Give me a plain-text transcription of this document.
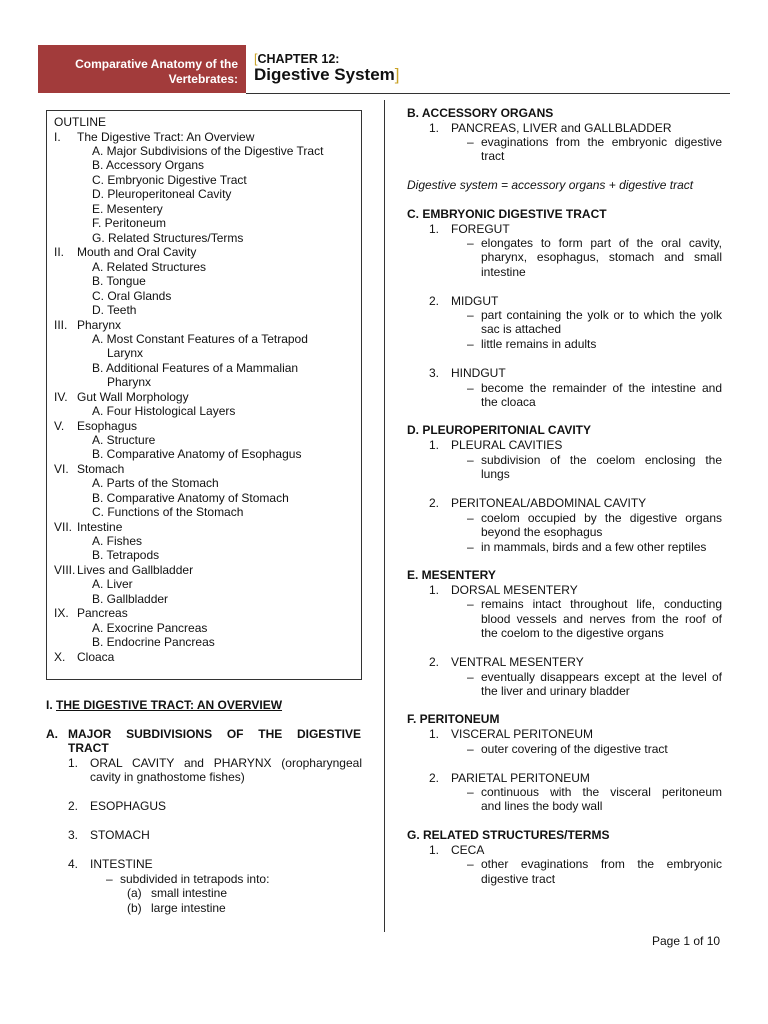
Comparative Anatomy of the
Vertebrates:
[CHAPTER 12:
Digestive System]
OUTLINE
I. The Digestive Tract: An Overview
A. Major Subdivisions of the Digestive Tract
B. Accessory Organs
C. Embryonic Digestive Tract
D. Pleuroperitoneal Cavity
E. Mesentery
F. Peritoneum
G. Related Structures/Terms
II. Mouth and Oral Cavity
A. Related Structures
B. Tongue
C. Oral Glands
D. Teeth
III. Pharynx
A. Most Constant Features of a Tetrapod
Larynx
B. Additional Features of a Mammalian
Pharynx
IV. Gut Wall Morphology
A. Four Histological Layers
V. Esophagus
A. Structure
B. Comparative Anatomy of Esophagus
VI. Stomach
A. Parts of the Stomach
B. Comparative Anatomy of Stomach
C. Functions of the Stomach
VII. Intestine
A. Fishes
B. Tetrapods
VIII. Lives and Gallbladder
A. Liver
B. Gallbladder
IX. Pancreas
A. Exocrine Pancreas
B. Endocrine Pancreas
X. Cloaca
I. THE DIGESTIVE TRACT: AN OVERVIEW
A. MAJOR SUBDIVISIONS OF THE DIGESTIVE
TRACT
1. ORAL CAVITY and PHARYNX (oropharyngeal
cavity in gnathostome fishes)
2. ESOPHAGUS
3. STOMACH
4. INTESTINE
– subdivided in tetrapods into:
(a) small intestine
(b) large intestine
B. ACCESSORY ORGANS
1. PANCREAS, LIVER and GALLBLADDER
– evaginations from the embryonic digestive
tract
Digestive system = accessory organs + digestive tract
C. EMBRYONIC DIGESTIVE TRACT
1. FOREGUT
– elongates to form part of the oral cavity,
pharynx, esophagus, stomach and small
intestine
2. MIDGUT
– part containing the yolk or to which the yolk
sac is attached
– little remains in adults
3. HINDGUT
– become the remainder of the intestine and
the cloaca
D. PLEUROPERITONIAL CAVITY
1. PLEURAL CAVITIES
– subdivision of the coelom enclosing the
lungs
2. PERITONEAL/ABDOMINAL CAVITY
– coelom occupied by the digestive organs
beyond the esophagus
– in mammals, birds and a few other reptiles
E. MESENTERY
1. DORSAL MESENTERY
– remains intact throughout life, conducting
blood vessels and nerves from the roof of
the coelom to the digestive organs
2. VENTRAL MESENTERY
– eventually disappears except at the level of
the liver and urinary bladder
F. PERITONEUM
1. VISCERAL PERITONEUM
– outer covering of the digestive tract
2. PARIETAL PERITONEUM
– continuous with the visceral peritoneum
and lines the body wall
G. RELATED STRUCTURES/TERMS
1. CECA
– other evaginations from the embryonic
digestive tract
Page 1 of 10
